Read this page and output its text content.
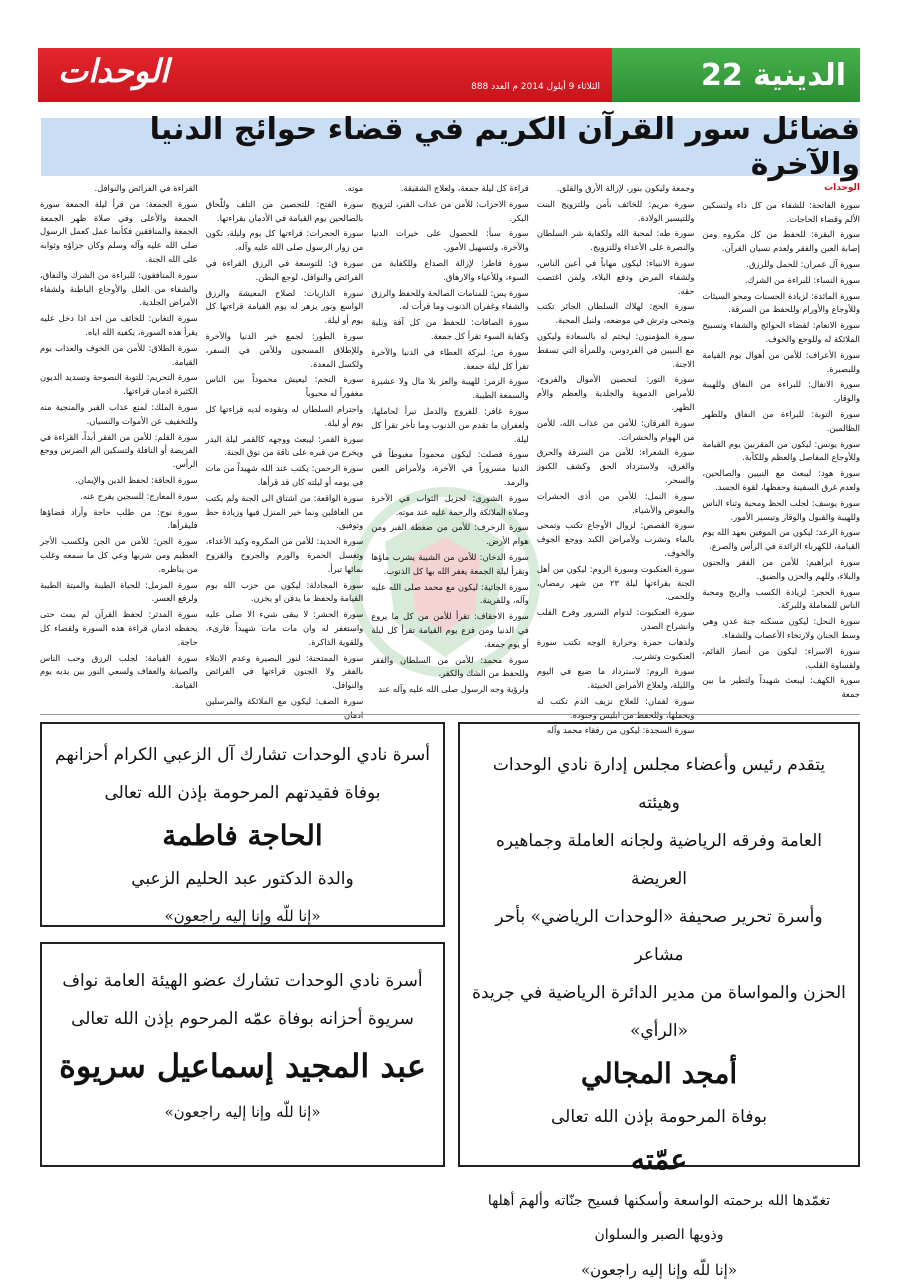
الوحدات	الثلاثاء 9 أيلول 2014 م العدد 888	22 الدينية
فضائل سور القرآن الكريم في قضاء حوائج الدنيا والآخرة
الوحدات

سورة الفاتحة: للشفاء من كل داء ولتسكين الألم وقضاء الحاجات.

سورة البقرة: للحفظ من كل مكروه ومن إصابة العين والفقر ولعدم نسيان القرآن.

سورة آل عمران: للحمل وللرزق.

سورة النساء: للبراءة من الشرك.

سورة المائدة: لزيادة الحسنات ومحو السيئات وللأوجاع والأورام وللحفظ من السرقة.

سورة الانعام: لقضاء الحوائج والشفاء وتسبيح الملائكة له وللوجع والخوف.

سورة الأعراف: للأمن من أهوال يوم القيامة وللبصيرة.

سورة الانفال: للبراءة من النفاق وللهيبة والوقار.

سورة التوبة: للبراءة من النفاق وللظهر الظالمين.

سورة يونس: ليكون من المقربين يوم القيامة وللأوجاع المفاصل والعظم وللكآبة.

سورة هود: ليبعث مع النبيين والصالحين، ولعدم غرق السفينة وحفظها، لقوة الجسد.

سورة يوسف: لجلب الحظ ومحبة وثناء الناس وللهيبة والقبول والوقار وتيسير الأمور.

سورة الرعد: ليكون من الموفين بعهد الله يوم القيامة، للكهرباء الزائدة في الرأس والصرع.

سورة ابراهيم: للأمن من الفقر والجنون والبلاء، وللهم والحزن والضيق.

سورة الحجر: لزيادة الكسب والربح ومحبة الناس للمعاملة وللبركة.

سورة النحل: ليكون مسكنه جنة عدن وهي وسط الجنان ولارتخاء الأعصاب وللشفاء.

سورة الاسراء: ليكون من أنصار القائم، ولقساوة القلب.

سورة الكهف: ليبعث شهيداً ولتطير ما بين جمعة

وجمعة وليكون بنور، لإزالة الأرق والقلق.

سورة مريم: للخائف بأمن وللتزويج البنت وللتيسير الولادة.

سورة طه: لمحبة الله ولكفاية شر السلطان والنصرة على الأعداء وللتزويج.

سورة الانبياء: ليكون مهاباً في أعين الناس، ولشفاء المرض ودفع البلاء، ولمن اغتصب حقه.

سورة الحج: لهلاك السلطان الجائر تكتب وتمحى وترش في موضعه، ولنيل المحبة.

سورة المؤمنون: ليختم له بالسعادة وليكون مع النبيين في الفردوس، وللمرأة التي تسقط الاجنة.

سورة النور: لتحصين الأموال والفروج، للأمراض الدموية والجلدية والعظم والأم الظهر.

سورة الفرقان: للأمن من عذاب الله، للأمن من الهوام والحشرات.

سورة الشعراء: للأمن من السرقة والحرق والغرق، ولاسترداد الحق وكشف الكنوز والسحر.

سورة النمل: للأمن من أذى الحشرات والبعوض والأشياء.

سورة القصص: لزوال الأوجاع تكتب وتمحى بالماء وتشرب ولأمراض الكبد ووجع الجوف والخوف.

سورة العنكبوت وسورة الروم: ليكون من أهل الجنة بقراءتها ليلة ٢٣ من شهر رمضان، وللحمى.

سورة العنكبوت: لدوام السرور وفرح القلب وانشراح الصدر.

ولذهاب حمرة وحرارة الوجه تكتب سورة العنكبوت وتشرب.

سورة الروم: لاسترداد ما ضيع في اليوم والليلة، ولعلاج الأمراض الخبيثة.

سورة لقمان: للعلاج نزيف الدم تكتب له

سورة السجدة: ليكون من رفقاء محمد وآله

قراءة كل ليلة جمعة، ولعلاج الشقيقة.

سورة الاحزاب: للأمن من عذاب القبر، لتزويج البكر.

سورة سبأ: للحصول على خيرات الدنيا والآخرة، ولتسهيل الأمور.

سورة فاطر: لإزالة الصداع وللكفاية من السوء، وللأعياء والارهاق.

سورة يس: للمنامات الصالحة وللحفظ والرزق والشفاء وغفران الذنوب وما قرأت له.

سورة الصافات: للحفظ من كل آفة وبلية وكفاية السوء تقرأ كل جمعة.

سورة ص: لبركة العطاء في الدنيا والآخرة تقرأ كل ليلة جمعة.

سورة الزمر: للهيبة والعز بلا مال ولا عشيرة والسمعة الطيبة.

سورة غافر: للفروج والدمل تبرأ لحاملها، ولغفران ما تقدم من الذنوب وما تأخر تقرأ كل ليلة.

سورة فصلت: ليكون محموداً مغبوطاً في الدنيا مسروراً في الآخرة، ولأمراض العين والرمد.

سورة الشورى: لجزيل الثواب في الآخرة وصلاة الملائكة والرحمة عليه عند موته.

سورة الزخرف: للأمن من ضغطة القبر ومن هوام الأرض.

سورة الدخان: للأمن من الشيبة يشرب ماؤها ونقرأ ليلة الجمعة يغفر الله بها كل الذنوب.

سورة الجاثية: ليكون مع محمد صلى الله عليه وآله، وللقرينة.

سورة الاحقاف: تقرأ للأمن من كل ما يروع في الدنيا ومن فزع يوم القيامة تقرأ كل ليلة أو يوم جمعة.

سورة محمد: للأمن من السلطان والفقر وللحفظ من الشك والكفر.

ولرؤية وجه الرسول صلى الله عليه وآله عند

موته.

سورة الفتح: للتحصين من التلف وللّحاق بالصالحين يوم القيامة في الأدمان بقراءتها.

سورة الحجرات: قراءتها كل يوم وليلة، تكون من زوار الرسول صلى الله عليه وآله.

سورة ق: للتوسعة في الرزق القراءة في الفرائض والنوافل، لوجع البطن.

سورة الذاريات: لصلاح المعيشة والرزق الواسع ونور يزهر له يوم القيامة قراءتها كل يوم أو ليلة.

سورة الطور: لجمع خير الدنيا والآخرة وللإطلاق المسجون وللأمن في السفر، ولكسل المعدة.

سورة النجم: ليعيش محموداً بين الناس مغفوراً له محبوباً

واحترام السلطان له وتقوده لديه قراءتها كل يوم أو ليلة.

سورة القمر: ليبعث ووجهه كالقمر ليلة البدر ويخرج من قبره على ناقة من نوق الجنة.

سورة الرحمن: يكتب عند الله شهيداً من مات في يومه أو ليلته كان قد قرأها.

سورة الواقعة: من اشتاق الى الجنة ولم يكتب من الغافلين ونما خير المنزل فيها وزيادة حظ وتوفيق.

سورة الحديد: للأمن من المكروه وكيد الأعداء، وتغسل الحمرة والورم والجروح والقروح بمائها تبرأ.

سورة المجادلة: ليكون من حزب الله يوم القيامة ولحفظ ما يدفن او يخزن.

سورة الحشر: لا يبقى شيء الا صلى عليه واستغفر له وان مات مات شهيداً قارىء، وللقوية الذاكرة.

سورة الممتحنة: لنور البصيرة وعدم الابتلاء بالفقر ولا الجنون قراءتها في الفرائض والنوافل.

سورة الصف: ليكون مع الملائكة والمرسلين

القراءة في الفرائض والنوافل.

سورة الجمعة: من قرأ ليلة الجمعة سورة الجمعة والأعلى وفي صلاة ظهر الجمعة الجمعة والمنافقين فكأنما عمل كعمل الرسول صلى الله عليه وآله وسلم وكان جزاؤه وثوابه على الله الجنة.

سورة المنافقون: للبراءة من الشرك والنفاق، والشفاء من العلل والأوجاع الباطنة ولشفاء الأمراض الجلدية.

سورة التغابن: للخائف من احد اذا دخل عليه يقرأ هذه السورة، يكفيه الله اياه.

سورة الطلاق: للأمن من الخوف والعذاب يوم القيامة.

سورة التحريم: للتوبة النصوحة وتسديد الديون الكثيرة ادمان قراءتها.

سورة الملك: لمنع عذاب القبر والمنجية منه وللتخفيف عن الأموات والنسيان.

سورة القلم: للأمن من الفقر أبداً، القراءة في الفريضة أو النافلة ولتسكين الم الضرس ووجع الرأس.

سورة الحاقة: لحفظ الدين والإيمان.

سورة المعارج: للسجين يفرج عنه.

سورة نوح: من طلب حاجة وأراد قضاؤها فليقرأها.

سورة الجن: للأمن من الجن ولكسب الأجر العظيم ومن شربها وعي كل ما سمعه وغلب من يناظره.

سورة المزمل: للحياة الطيبة والميتة الطيبة ولرفع العسر.

سورة المدثر: لحفظ القرآن لم يمت حتى يحفظه ادمان قراءة هذه السورة ولقضاء كل حاجة.

سورة القيامة: لجلب الرزق وحب الناس والصيانة والعفاف ولسعي النور بين يديه يوم القيامة.

يتقدم رئيس وأعضاء مجلس إدارة نادي الوحدات وهيئته

العامة وفرقه الرياضية ولجانه العاملة وجماهيره العريضة

وأسرة تحرير صحيفة «الوحدات الرياضي» بأحر مشاعر

الحزن والمواساة من مدير الدائرة الرياضية في جريدة «الرأي»

أمجد المجالي

بوفاة المرحومة بإذن الله تعالى

عمّته

تغمّدها الله برحمته الواسعة وأسكنها فسيح جنّاته وألهمَ أهلها وذويها الصبر والسلوان

«إنا للّه وإنا إليه راجعون»

أسرة نادي الوحدات تشارك آل الزعبي الكرام أحزانهم

بوفاة فقيدتهم المرحومة بإذن الله تعالى

الحاجة فاطمة

والدة الدكتور عبد الحليم الزعبي

«إنا للّه وإنا إليه راجعون»

أسرة نادي الوحدات تشارك عضو الهيئة العامة نواف

سريوة أحزانه بوفاة عمّه المرحوم بإذن الله تعالى

عبد المجيد إسماعيل سريوة

«إنا للّه وإنا إليه راجعون»
